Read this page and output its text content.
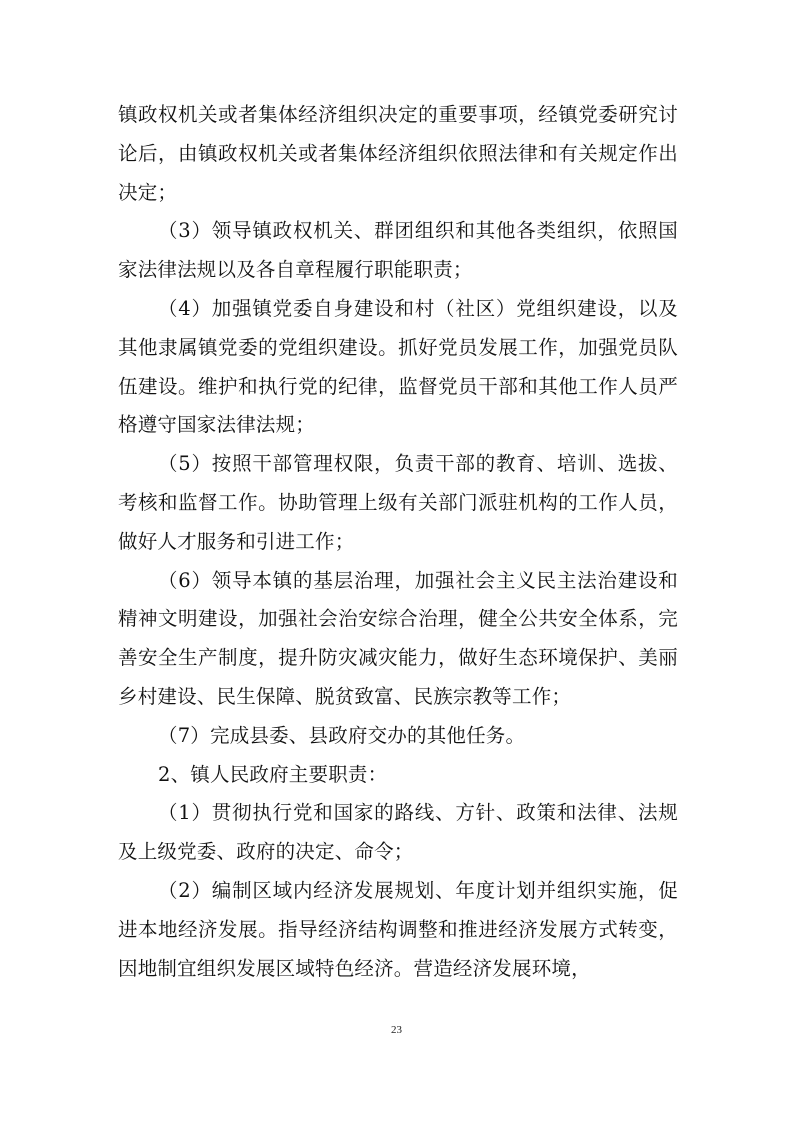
镇政权机关或者集体经济组织决定的重要事项，经镇党委研究讨论后，由镇政权机关或者集体经济组织依照法律和有关规定作出决定；

（3）领导镇政权机关、群团组织和其他各类组织，依照国家法律法规以及各自章程履行职能职责；

（4）加强镇党委自身建设和村（社区）党组织建设，以及其他隶属镇党委的党组织建设。抓好党员发展工作，加强党员队伍建设。维护和执行党的纪律，监督党员干部和其他工作人员严格遵守国家法律法规；

（5）按照干部管理权限，负责干部的教育、培训、选拔、考核和监督工作。协助管理上级有关部门派驻机构的工作人员，做好人才服务和引进工作；

（6）领导本镇的基层治理，加强社会主义民主法治建设和精神文明建设，加强社会治安综合治理，健全公共安全体系，完善安全生产制度，提升防灾减灾能力，做好生态环境保护、美丽乡村建设、民生保障、脱贫致富、民族宗教等工作；

（7）完成县委、县政府交办的其他任务。

2、镇人民政府主要职责：

（1）贯彻执行党和国家的路线、方针、政策和法律、法规及上级党委、政府的决定、命令；

（2）编制区域内经济发展规划、年度计划并组织实施，促进本地经济发展。指导经济结构调整和推进经济发展方式转变，因地制宜组织发展区域特色经济。营造经济发展环境，

23
